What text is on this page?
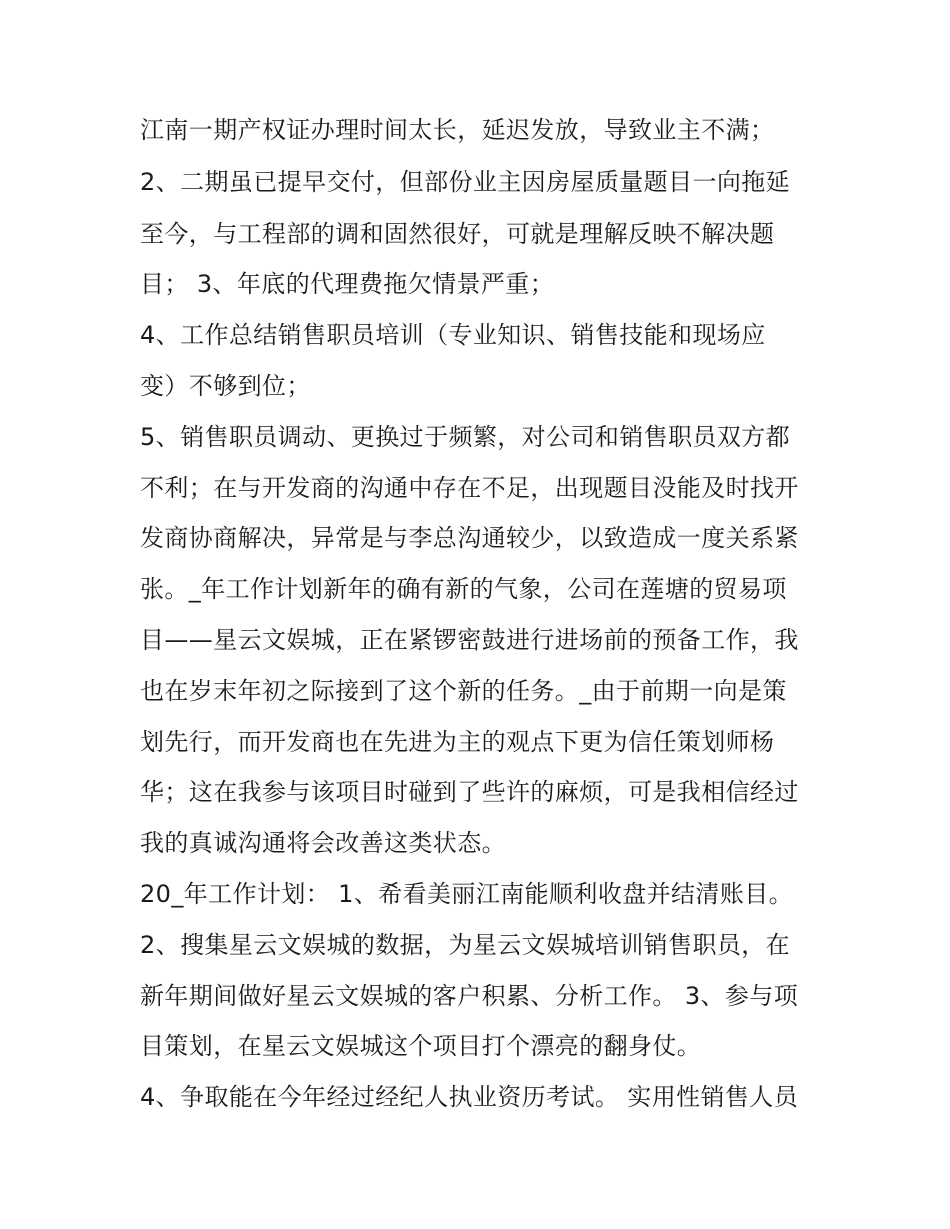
江南一期产权证办理时间太长，延迟发放，导致业主不满；

2、二期虽已提早交付，但部份业主因房屋质量题目一向拖延

至今，与工程部的调和固然很好，可就是理解反映不解决题

目； 3、年底的代理费拖欠情景严重；

4、工作总结销售职员培训（专业知识、销售技能和现场应

变）不够到位；

5、销售职员调动、更换过于频繁，对公司和销售职员双方都

不利；在与开发商的沟通中存在不足，出现题目没能及时找开

发商协商解决，异常是与李总沟通较少，以致造成一度关系紧

张。_年工作计划新年的确有新的气象，公司在莲塘的贸易项

目——星云文娱城，正在紧锣密鼓进行进场前的预备工作，我

也在岁末年初之际接到了这个新的任务。_由于前期一向是策

划先行，而开发商也在先进为主的观点下更为信任策划师杨

华；这在我参与该项目时碰到了些许的麻烦，可是我相信经过

我的真诚沟通将会改善这类状态。

20_年工作计划： 1、希看美丽江南能顺利收盘并结清账目。

2、搜集星云文娱城的数据，为星云文娱城培训销售职员，在

新年期间做好星云文娱城的客户积累、分析工作。 3、参与项

目策划，在星云文娱城这个项目打个漂亮的翻身仗。

4、争取能在今年经过经纪人执业资历考试。 实用性销售人员
